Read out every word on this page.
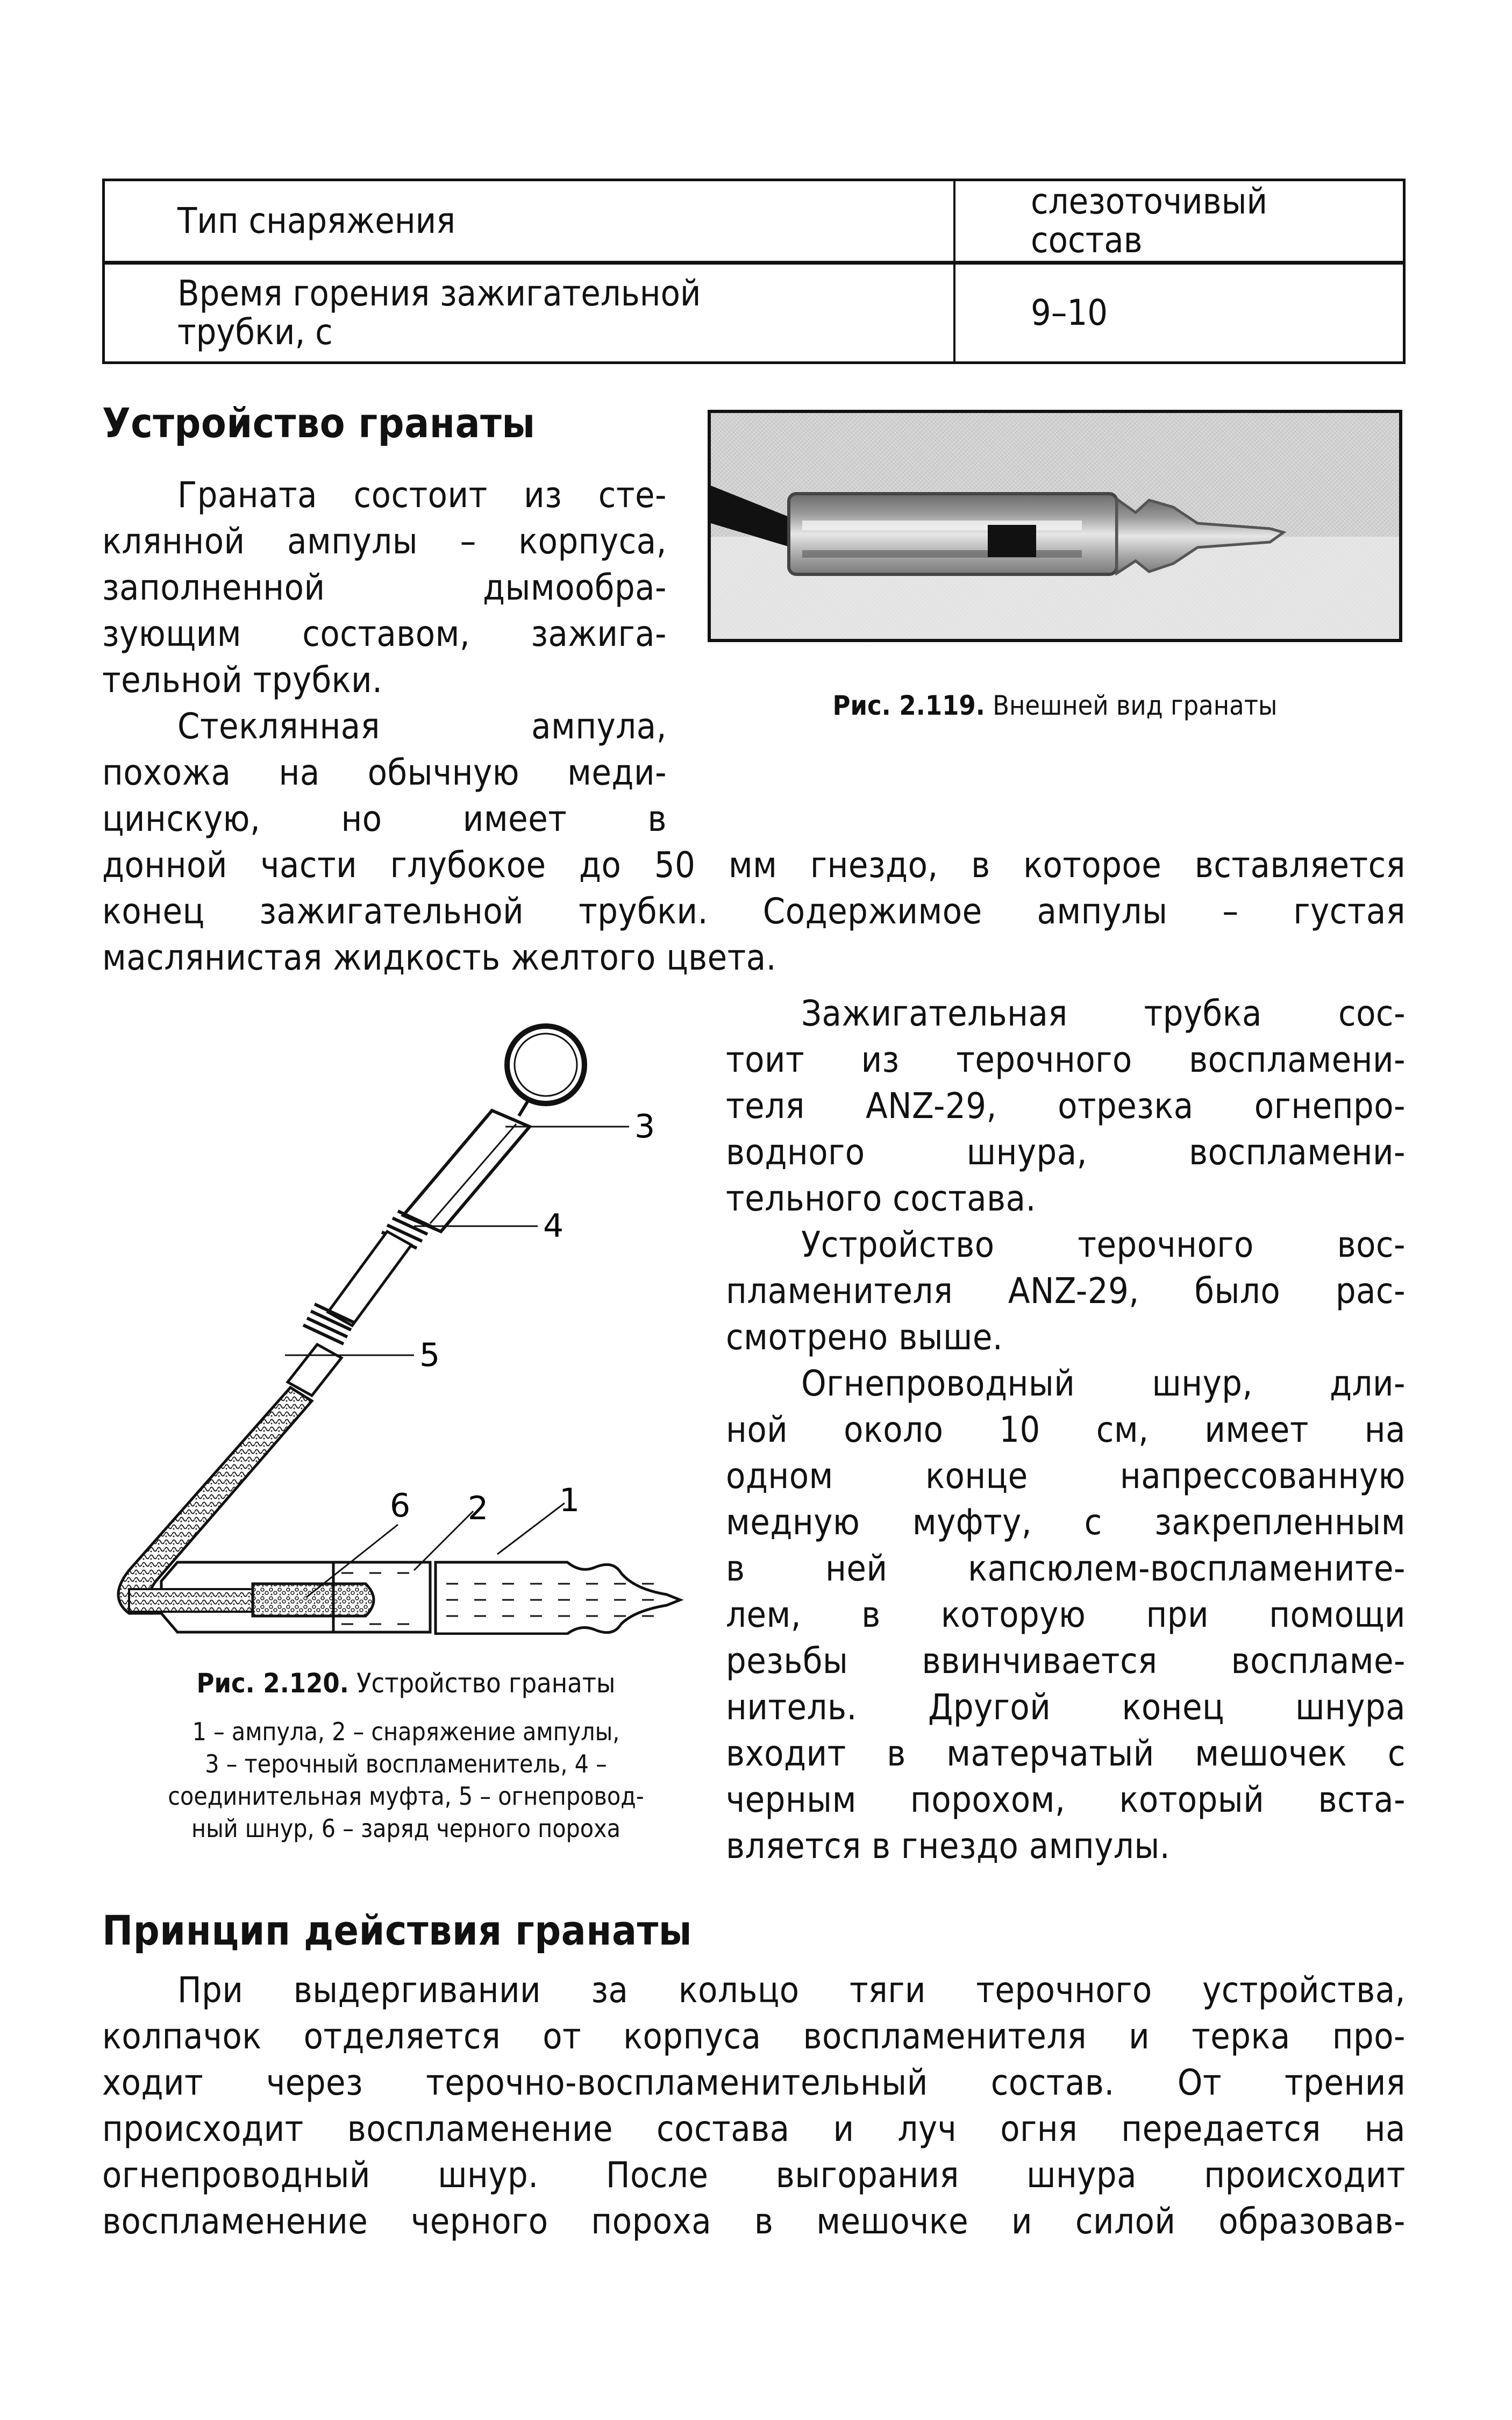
Тип снаряжения	слезоточивый
состав
Время горения зажигательной
трубки, с	9–10
Устройство гранаты
Граната состоит из сте-
клянной ампулы – корпуса,
заполненной дымообра-
зующим составом, зажига-
тельной трубки.
Стеклянная ампула,
похожа на обычную меди-
цинскую, но имеет в
Рис. 2.119. Внешней вид гранаты
донной части глубокое до 50 мм гнездо, в которое вставляется
конец зажигательной трубки. Содержимое ампулы – густая
маслянистая жидкость желтого цвета.
3
4
5
6 2 1
Рис. 2.120. Устройство гранаты
1 – ампула, 2 – снаряжение ампулы,
3 – терочный воспламенитель, 4 –
соединительная муфта, 5 – огнепровод-
ный шнур, 6 – заряд черного пороха
Зажигательная трубка сос-
тоит из терочного воспламени-
теля ANZ-29, отрезка огнепро-
водного шнура, воспламени-
тельного состава.
Устройство терочного вос-
пламенителя ANZ-29, было рас-
смотрено выше.
Огнепроводный шнур, дли-
ной около 10 см, имеет на
одном конце напрессованную
медную муфту, с закрепленным
в ней капсюлем-воспламените-
лем, в которую при помощи
резьбы ввинчивается воспламе-
нитель. Другой конец шнура
входит в матерчатый мешочек с
черным порохом, который вста-
вляется в гнездо ампулы.
Принцип действия гранаты
При выдергивании за кольцо тяги терочного устройства,
колпачок отделяется от корпуса воспламенителя и терка про-
ходит через терочно-воспламенительный состав. От трения
происходит воспламенение состава и луч огня передается на
огнепроводный шнур. После выгорания шнура происходит
воспламенение черного пороха в мешочке и силой образовав-
